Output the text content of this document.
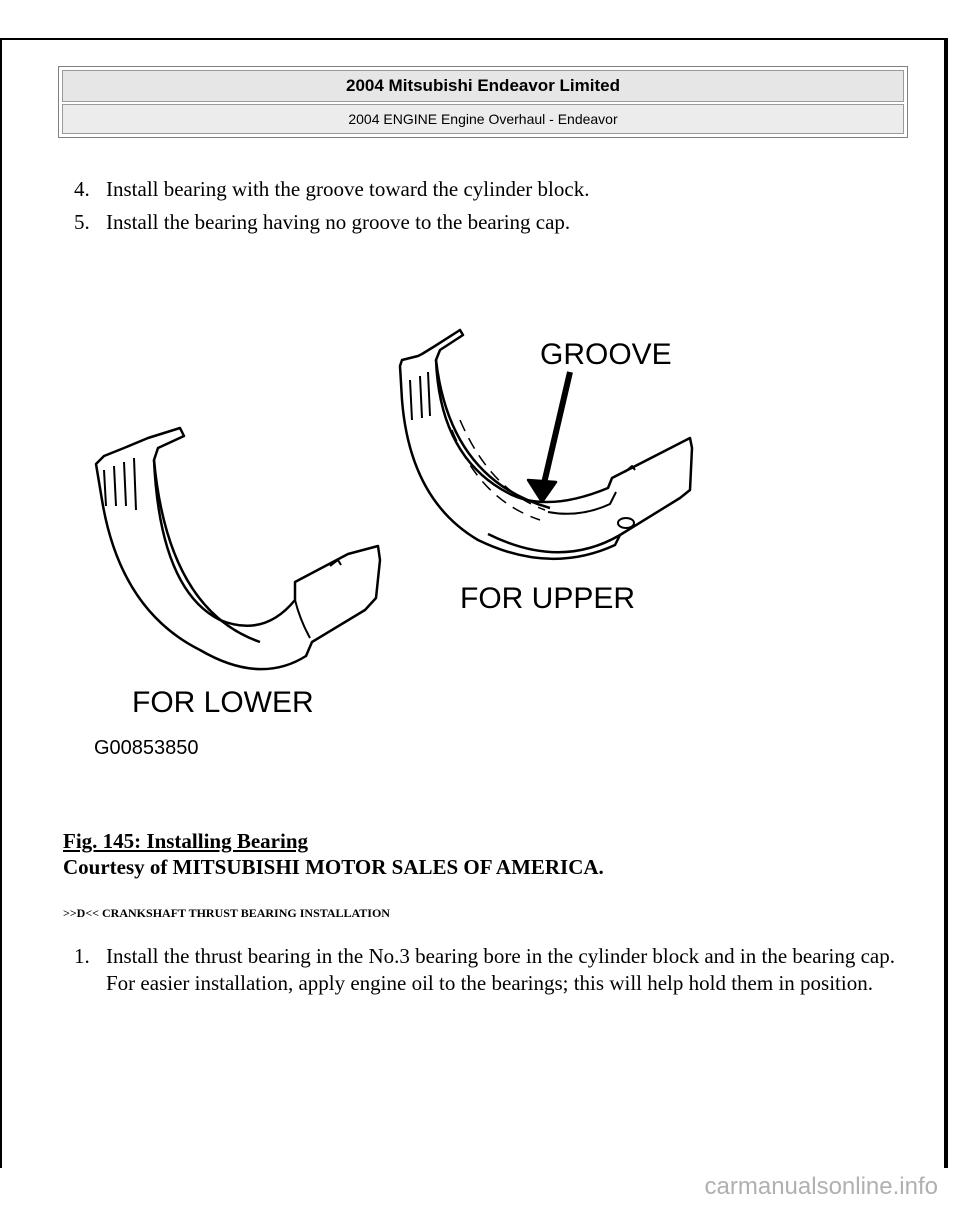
2004 Mitsubishi Endeavor Limited
2004 ENGINE Engine Overhaul - Endeavor
4. Install bearing with the groove toward the cylinder block.
5. Install the bearing having no groove to the bearing cap.
GROOVE
FOR UPPER
FOR LOWER
G00853850
Fig. 145: Installing Bearing
Courtesy of MITSUBISHI MOTOR SALES OF AMERICA.
>>D<< CRANKSHAFT THRUST BEARING INSTALLATION
1. Install the thrust bearing in the No.3 bearing bore in the cylinder block and in the bearing cap. For easier installation, apply engine oil to the bearings; this will help hold them in position.
carmanualsonline.info
